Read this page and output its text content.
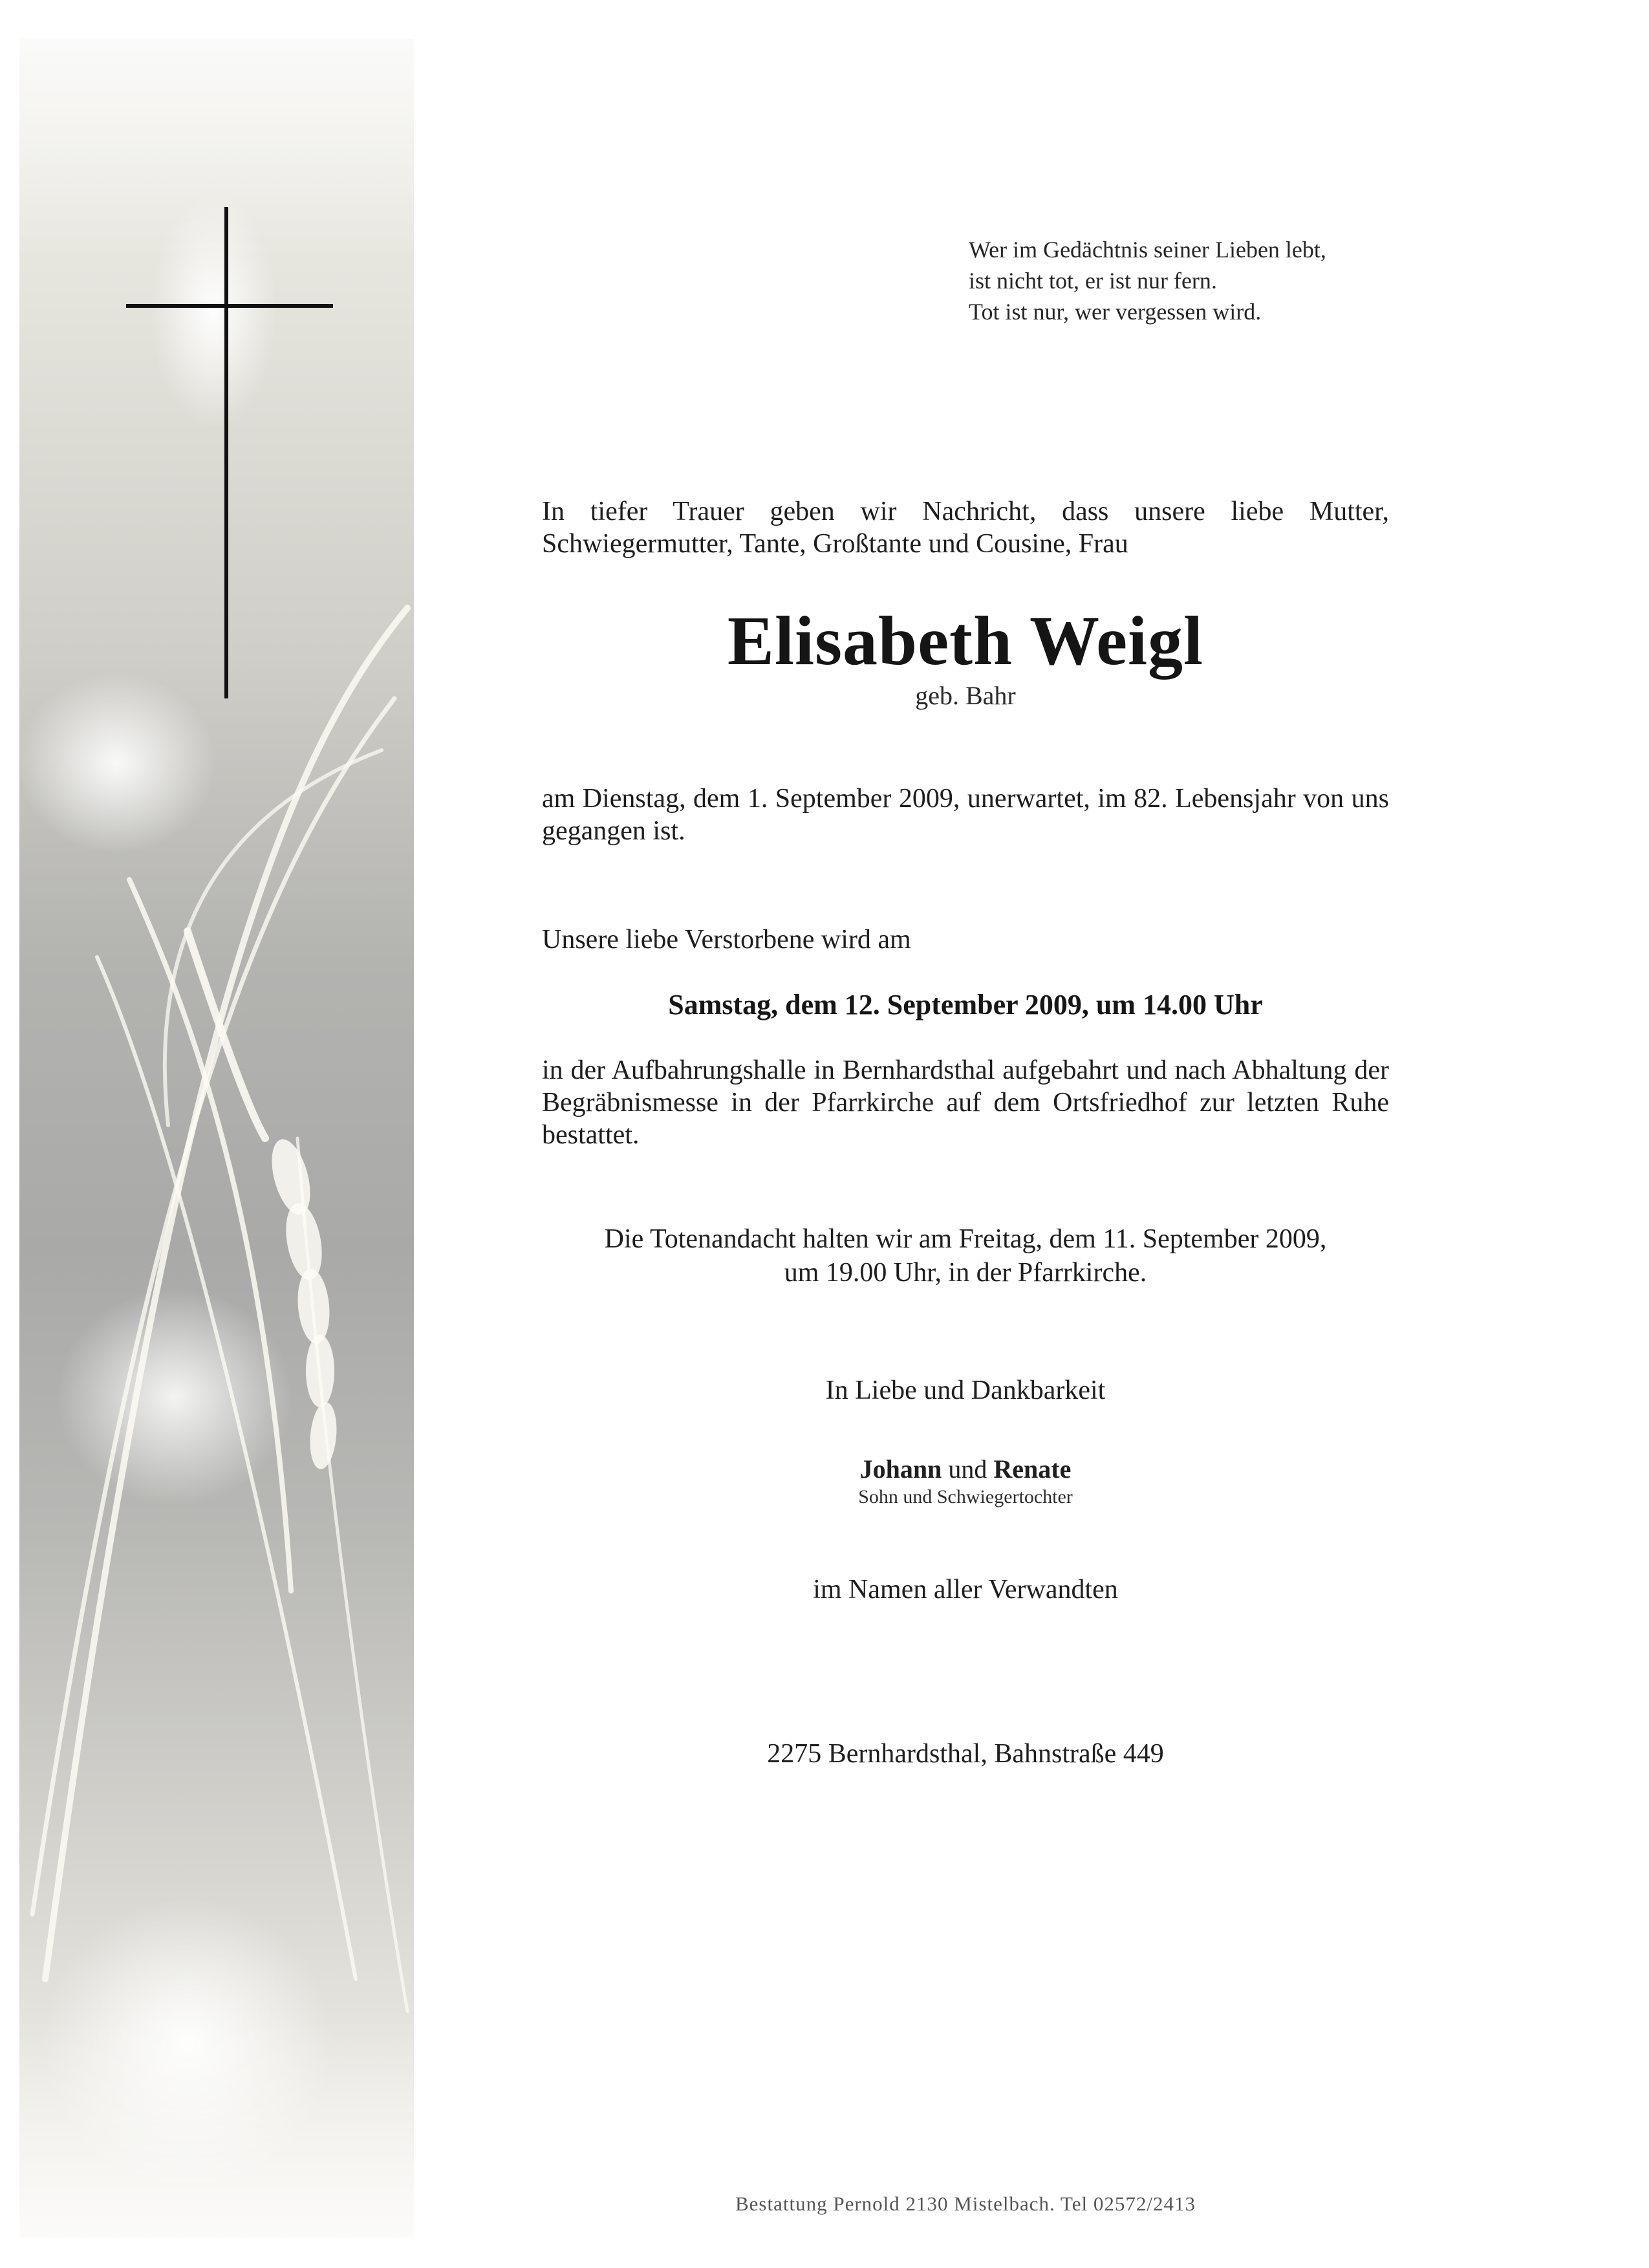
Wer im Gedächtnis seiner Lieben lebt,
ist nicht tot, er ist nur fern.
Tot ist nur, wer vergessen wird.
In tiefer Trauer geben wir Nachricht, dass unsere liebe Mutter, Schwiegermutter, Tante, Großtante und Cousine, Frau
Elisabeth Weigl
geb. Bahr
am Dienstag, dem 1. September 2009, unerwartet, im 82. Lebensjahr von uns gegangen ist.
Unsere liebe Verstorbene wird am
Samstag, dem 12. September 2009, um 14.00 Uhr
in der Aufbahrungshalle in Bernhardsthal aufgebahrt und nach Abhaltung der Begräbnismesse in der Pfarrkirche auf dem Ortsfriedhof zur letzten Ruhe bestattet.
Die Totenandacht halten wir am Freitag, dem 11. September 2009,
um 19.00 Uhr, in der Pfarrkirche.
In Liebe und Dankbarkeit
Johann und Renate
Sohn und Schwiegertochter
im Namen aller Verwandten
2275 Bernhardsthal, Bahnstraße 449
Bestattung Pernold 2130 Mistelbach. Tel 02572/2413
